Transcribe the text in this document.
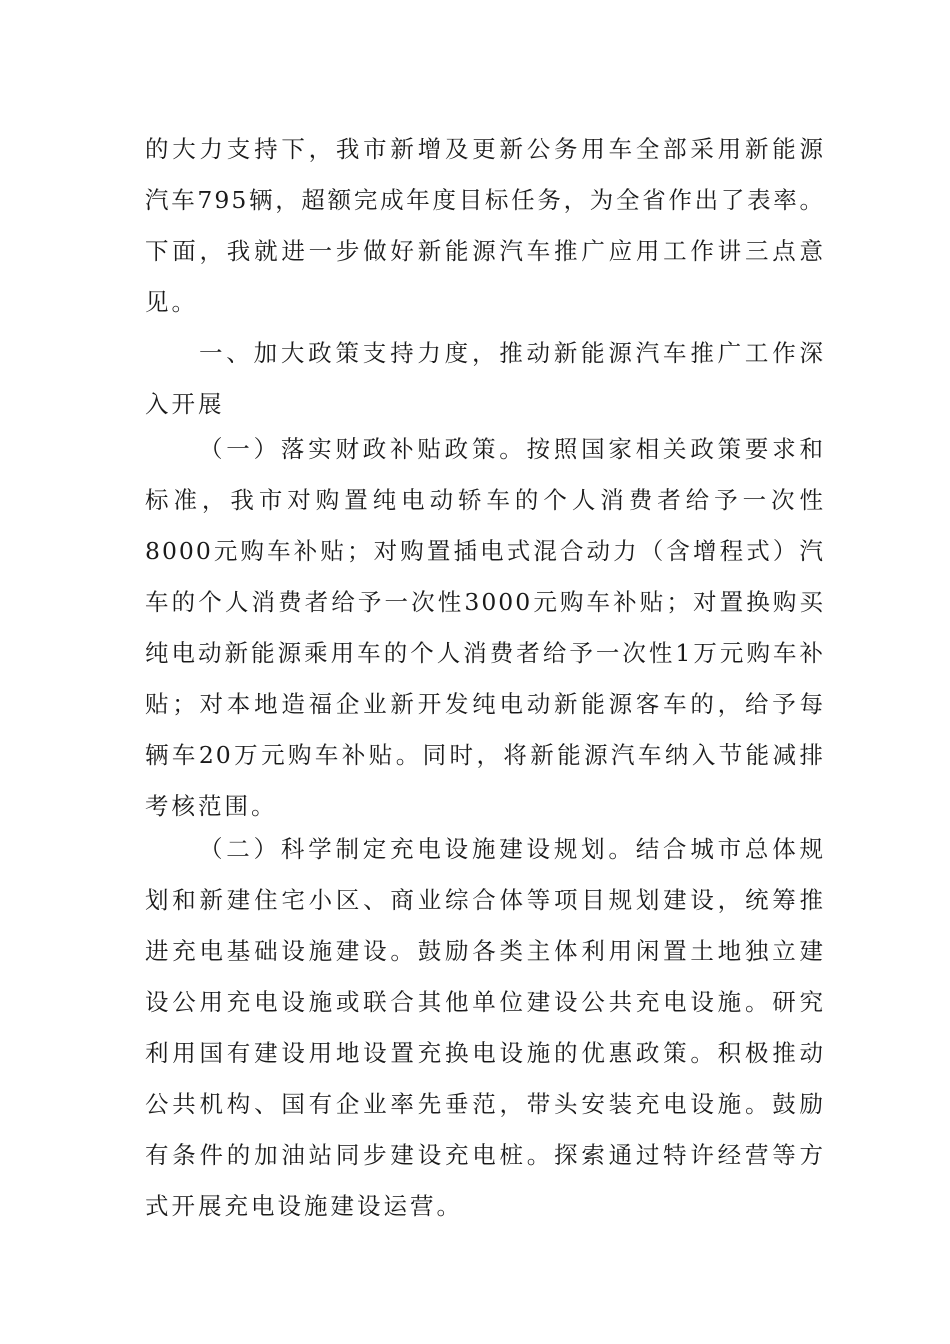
的大力支持下，我市新增及更新公务用车全部采用新能源
汽车795辆，超额完成年度目标任务，为全省作出了表率。
下面，我就进一步做好新能源汽车推广应用工作讲三点意
见。
一、加大政策支持力度，推动新能源汽车推广工作深
入开展
（一）落实财政补贴政策。按照国家相关政策要求和
标准，我市对购置纯电动轿车的个人消费者给予一次性
8000元购车补贴；对购置插电式混合动力（含增程式）汽
车的个人消费者给予一次性3000元购车补贴；对置换购买
纯电动新能源乘用车的个人消费者给予一次性1万元购车补
贴；对本地造福企业新开发纯电动新能源客车的，给予每
辆车20万元购车补贴。同时，将新能源汽车纳入节能减排
考核范围。
（二）科学制定充电设施建设规划。结合城市总体规
划和新建住宅小区、商业综合体等项目规划建设，统筹推
进充电基础设施建设。鼓励各类主体利用闲置土地独立建
设公用充电设施或联合其他单位建设公共充电设施。研究
利用国有建设用地设置充换电设施的优惠政策。积极推动
公共机构、国有企业率先垂范，带头安装充电设施。鼓励
有条件的加油站同步建设充电桩。探索通过特许经营等方
式开展充电设施建设运营。
